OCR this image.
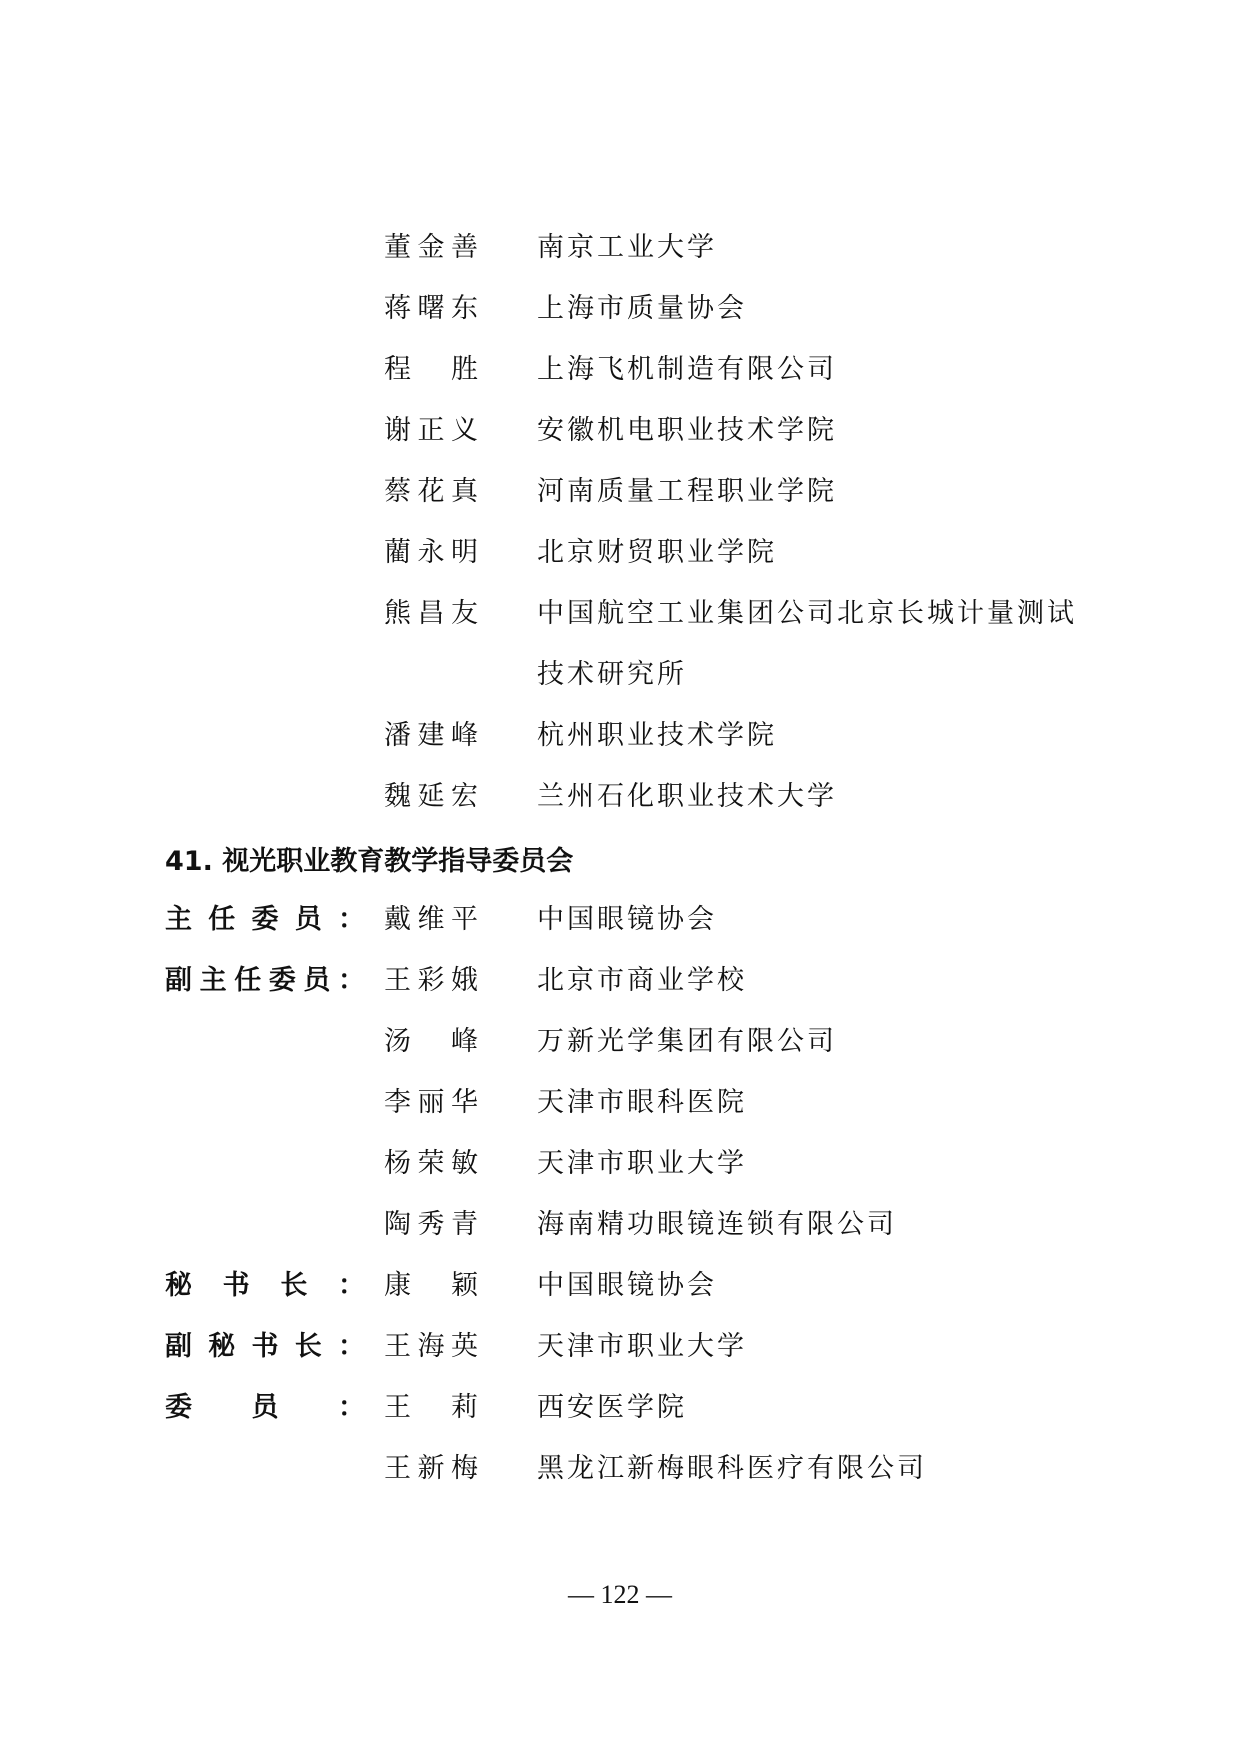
董 金 善 南京工业大学
蒋 曙 东 上海市质量协会
程 胜 上海飞机制造有限公司
谢 正 义 安徽机电职业技术学院
蔡 花 真 河南质量工程职业学院
藺 永 明 北京财贸职业学院
熊 昌 友 中国航空工业集团公司北京长城计量测试
技术研究所
潘 建 峰 杭州职业技术学院
魏 延 宏 兰州石化职业技术大学
41. 视光职业教育教学指导委员会
主 任 委 员 ： 戴 维 平 中国眼镜协会
副 主 任 委 员 ： 王 彩 娥 北京市商业学校
汤 峰 万新光学集团有限公司
李 丽 华 天津市眼科医院
杨 荣 敏 天津市职业大学
陶 秀 青 海南精功眼镜连锁有限公司
秘 书 长 ： 康 颖 中国眼镜协会
副 秘 书 长 ： 王 海 英 天津市职业大学
委 员 ： 王 莉 西安医学院
王 新 梅 黑龙江新梅眼科医疗有限公司
— 122 —
